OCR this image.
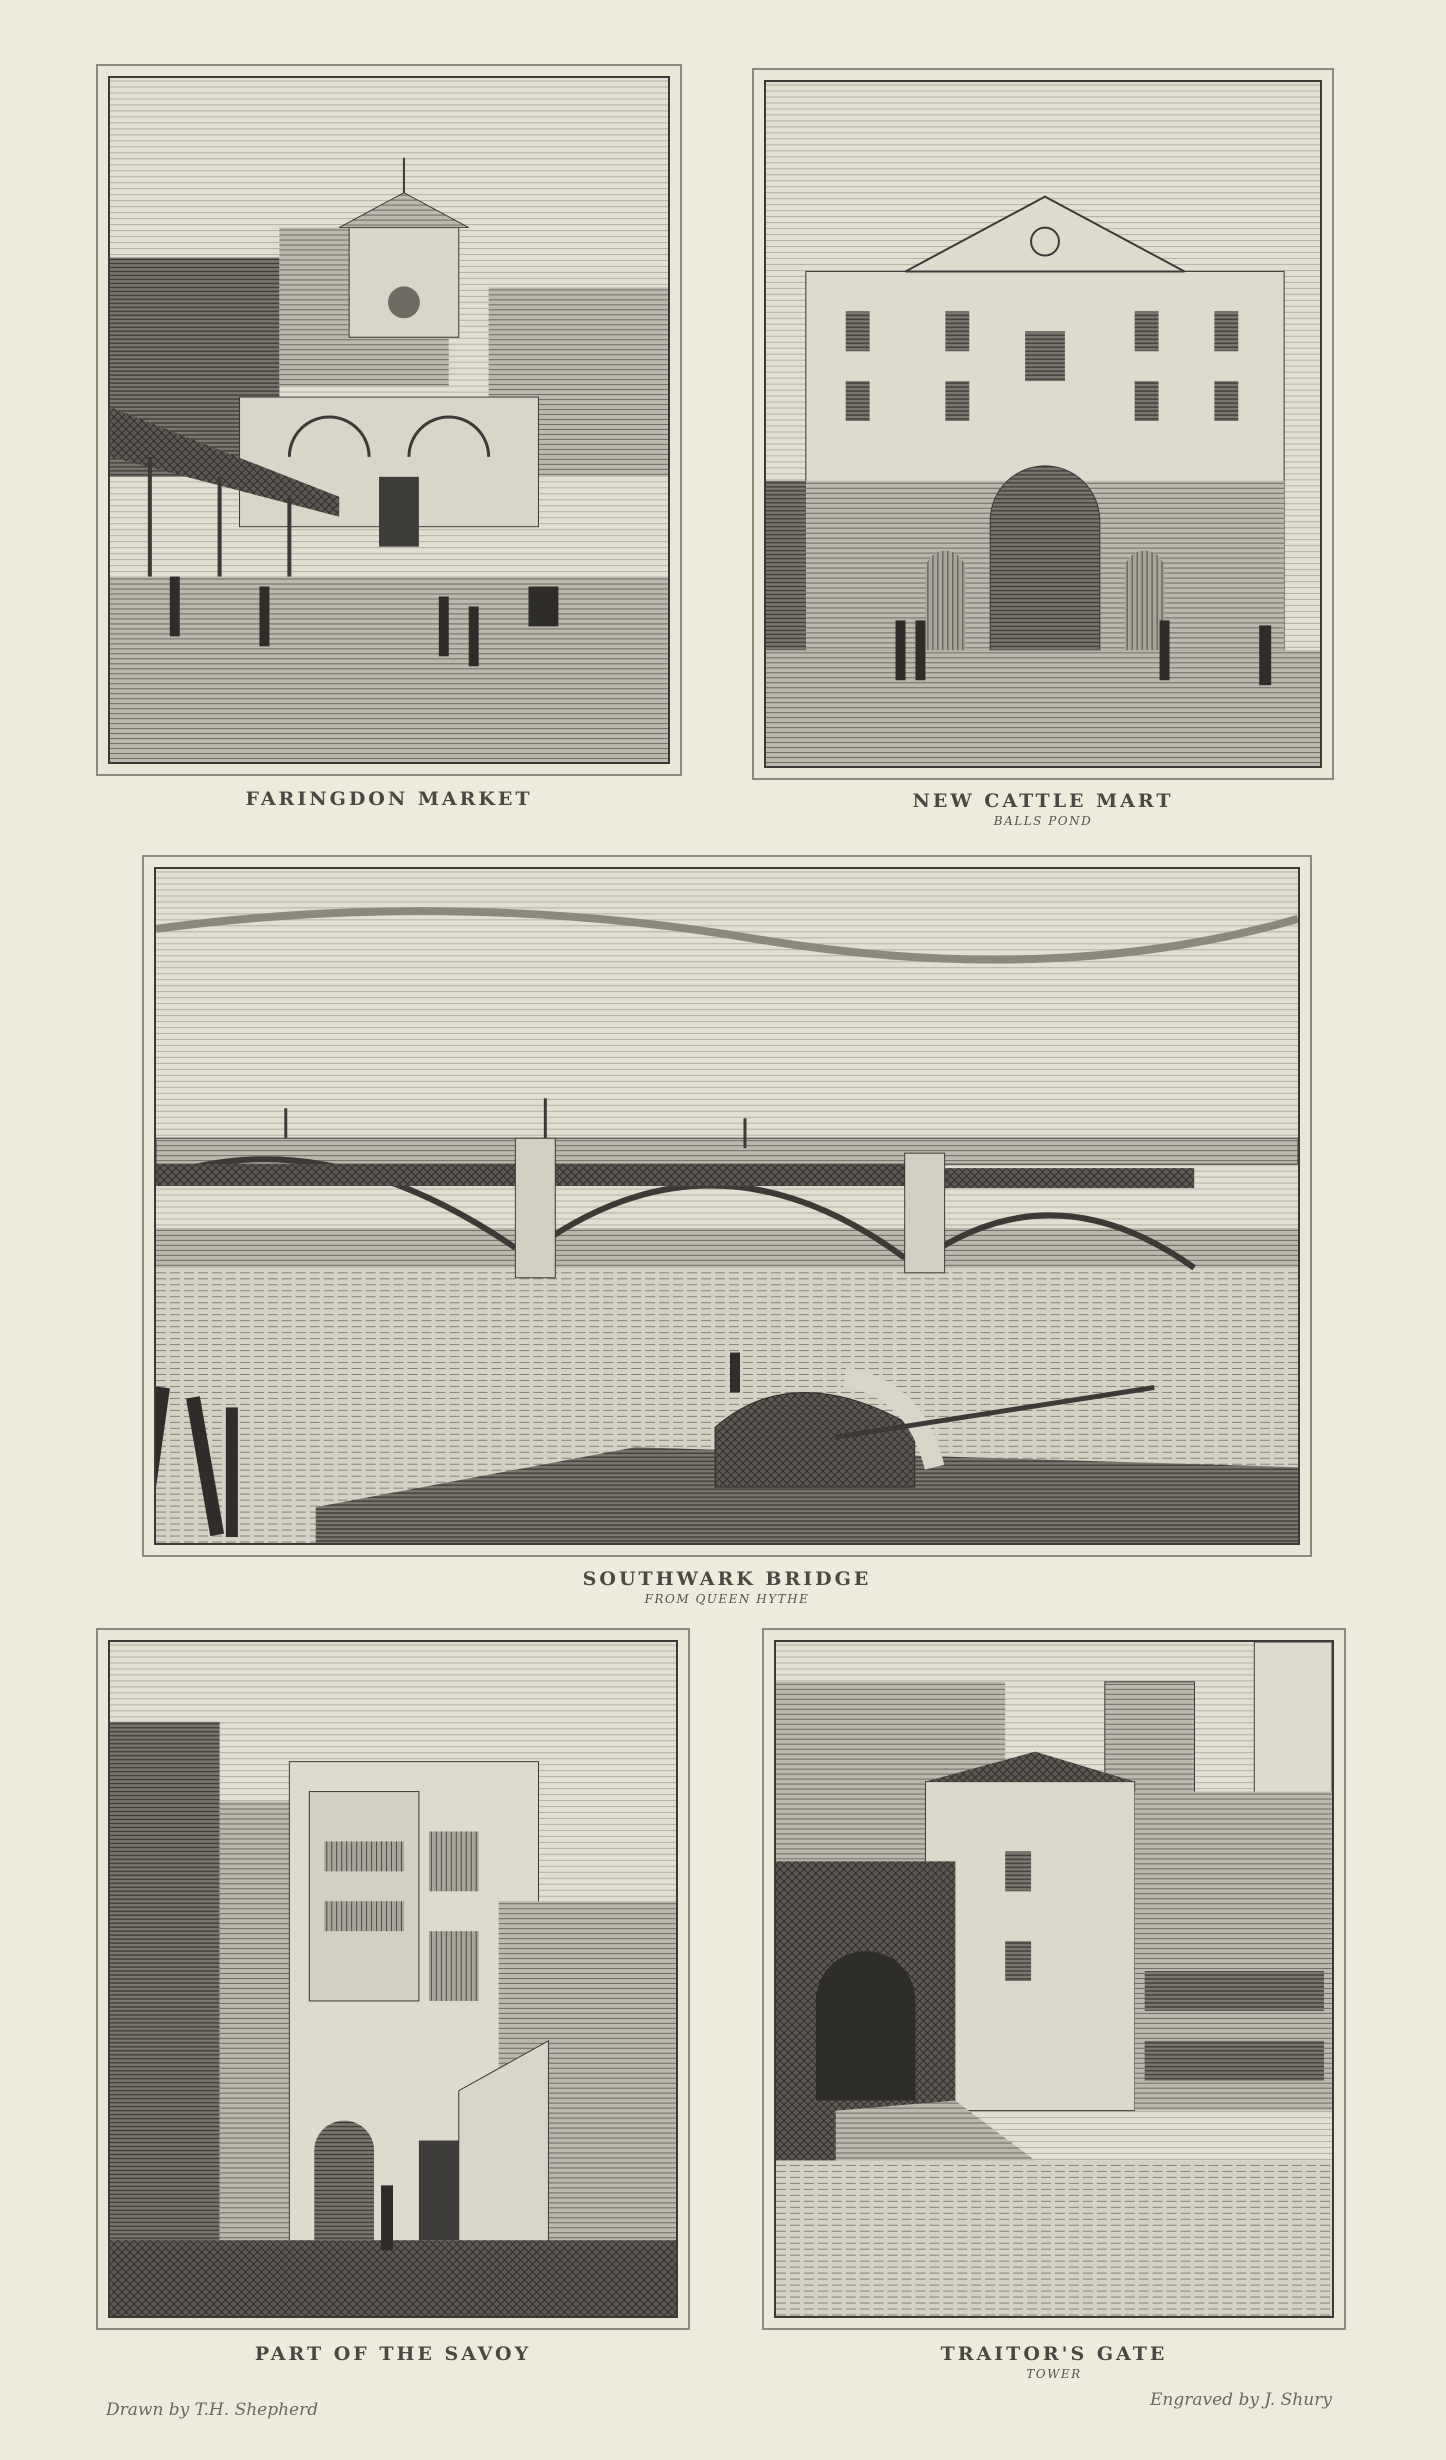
FARINGDON MARKET	NEW CATTLE MART
BALLS POND
SOUTHWARK BRIDGE
FROM QUEEN HYTHE
PART OF THE SAVOY	TRAITOR'S GATE
TOWER
Drawn by T.H. Shepherd	Engraved by J. Shury
